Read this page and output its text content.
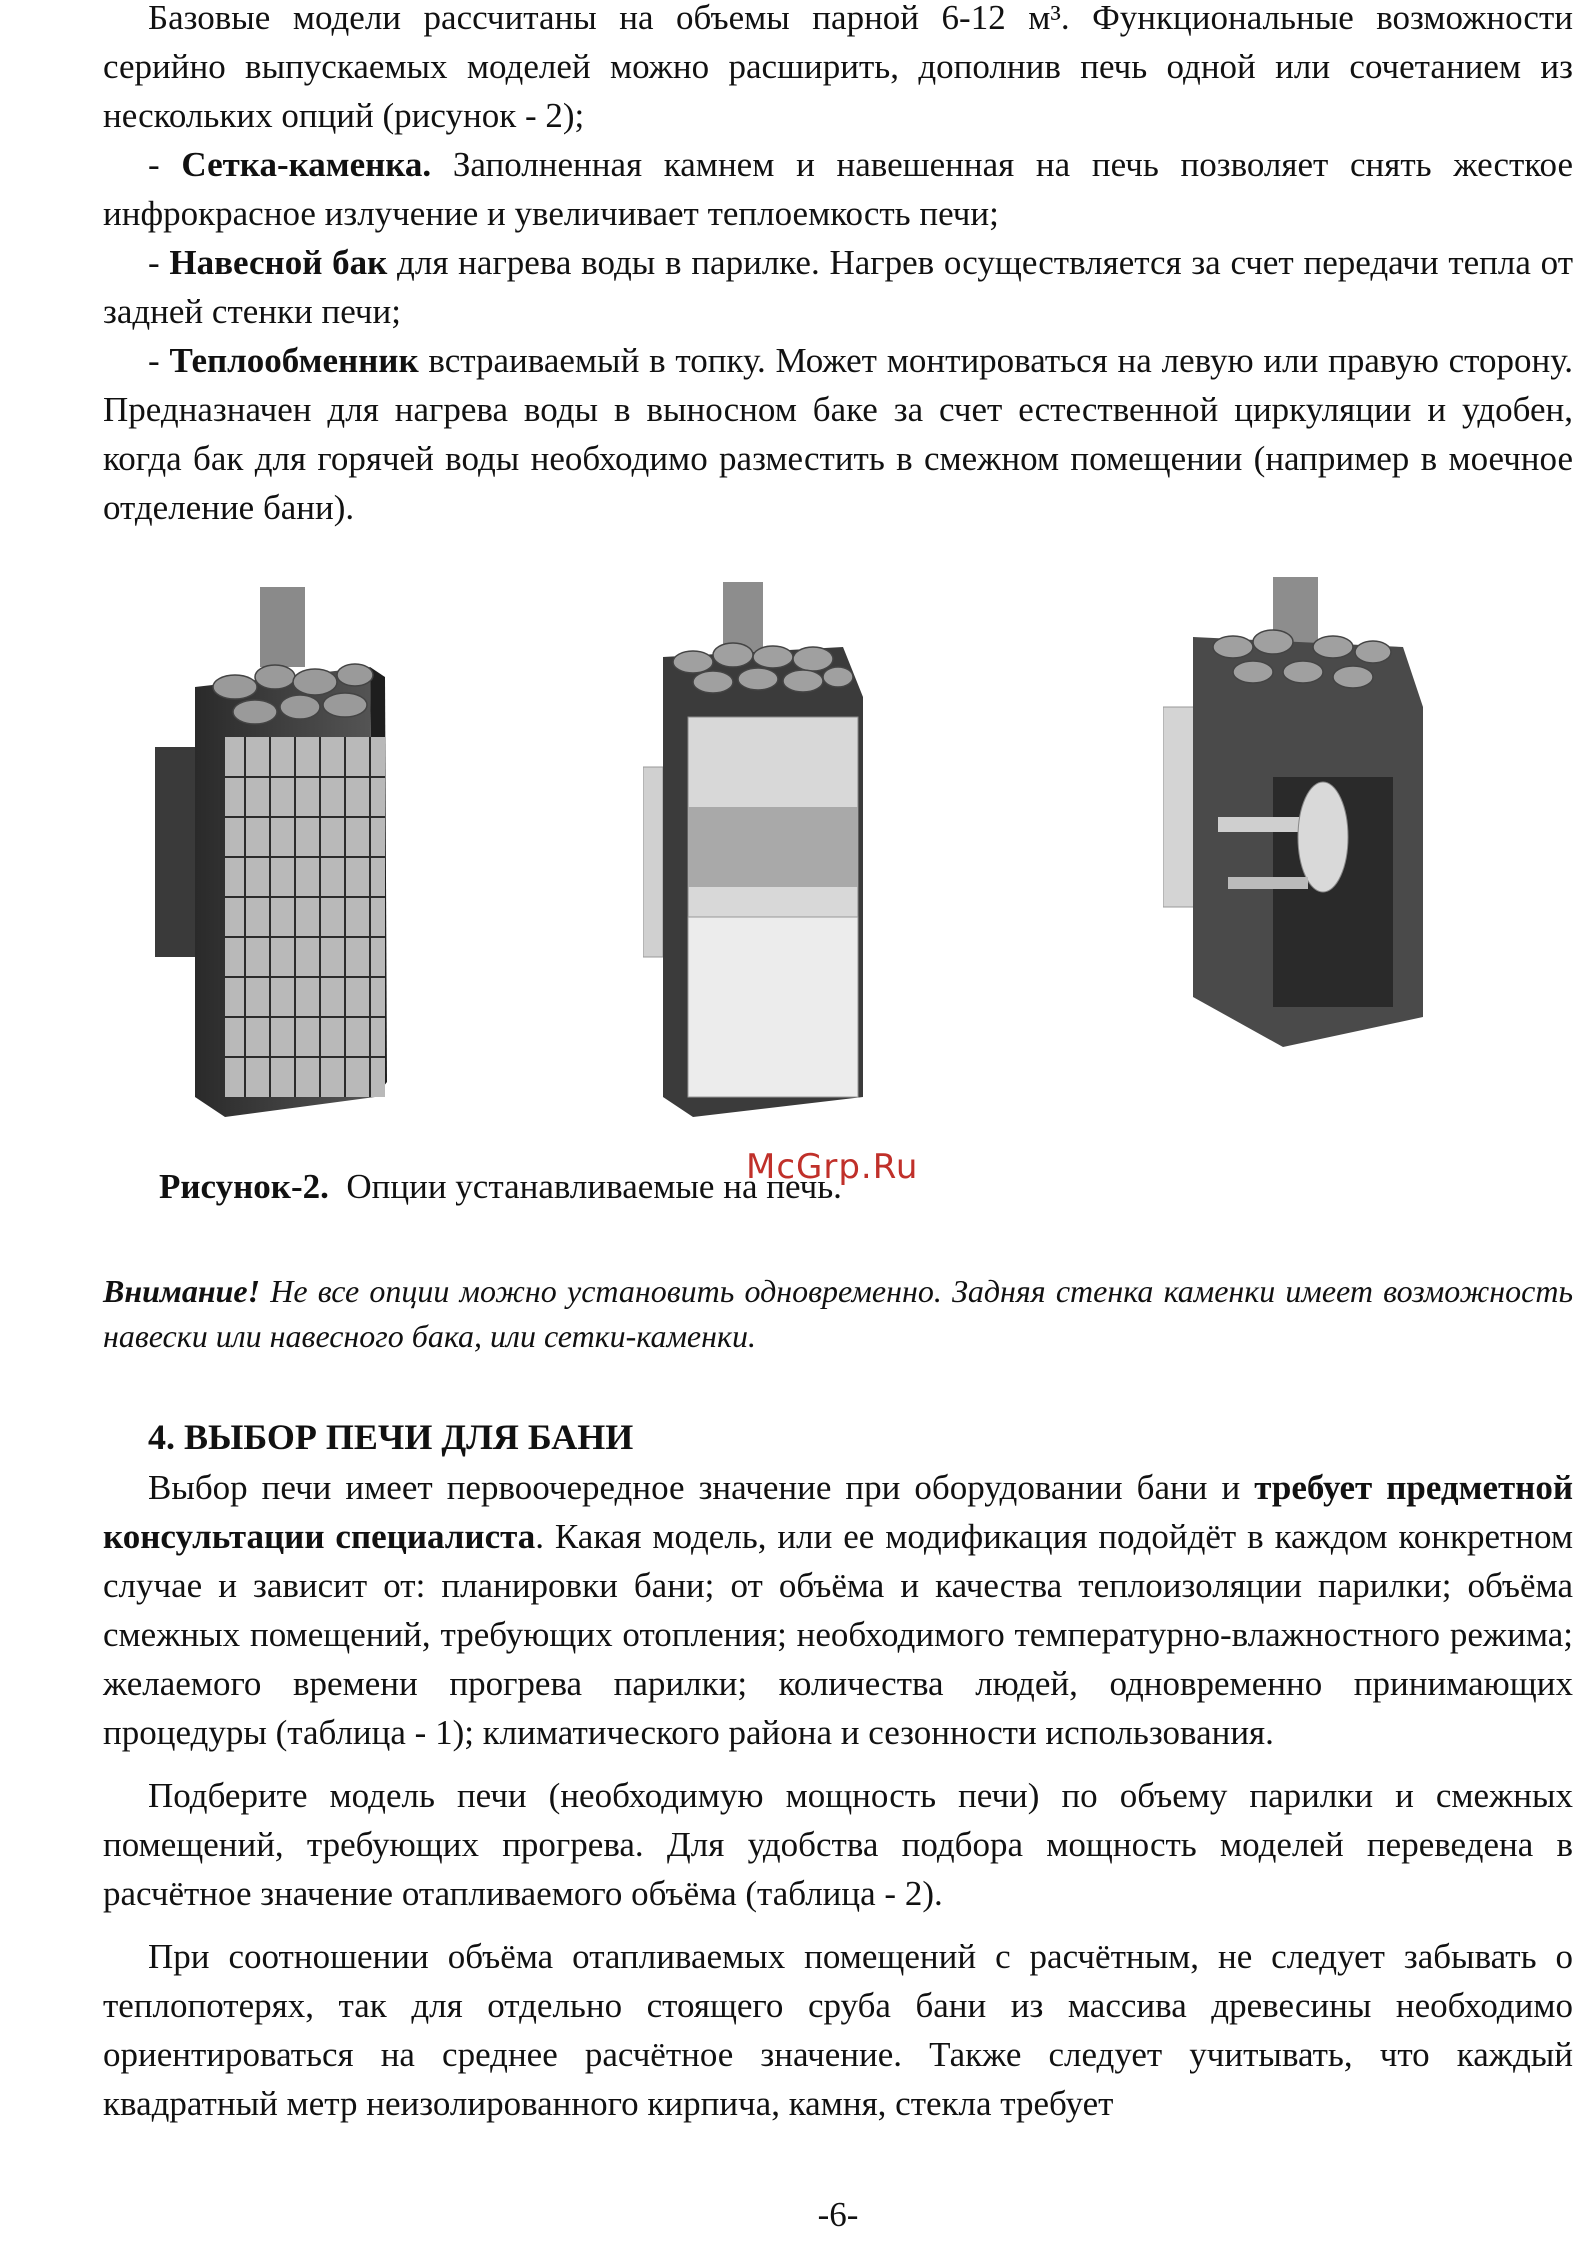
Базовые модели рассчитаны на объемы парной 6-12 м³. Функциональные возможности серийно выпускаемых моделей можно расширить, дополнив печь одной или сочетанием из нескольких опций (рисунок - 2);

- Сетка-каменка. Заполненная камнем и навешенная на печь позволяет снять жесткое инфрокрасное излучение и увеличивает теплоемкость печи;

- Навесной бак для нагрева воды в парилке. Нагрев осуществляется за счет передачи тепла от задней стенки печи;

- Теплообменник встраиваемый в топку. Может монтироваться на левую или правую сторону. Предназначен для нагрева воды в выносном баке за счет естественной циркуляции и удобен, когда бак для горячей воды необходимо разместить в смежном помещении (например в моечное отделение бани).

McGrp.Ru
Рисунок-2. Опции устанавливаемые на печь.

Внимание! Не все опции можно установить одновременно. Задняя стенка каменки имеет возможность навески или навесного бака, или сетки-каменки.

4. ВЫБОР ПЕЧИ ДЛЯ БАНИ

Выбор печи имеет первоочередное значение при оборудовании бани и требует предметной консультации специалиста. Какая модель, или ее модификация подойдёт в каждом конкретном случае и зависит от: планировки бани; от объёма и качества теплоизоляции парилки; объёма смежных помещений, требующих отопления; необходимого температурно-влажностного режима; желаемого времени прогрева парилки; количества людей, одновременно принимающих процедуры (таблица - 1); климатического района и сезонности использования.

Подберите модель печи (необходимую мощность печи) по объему парилки и смежных помещений, требующих прогрева. Для удобства подбора мощность моделей переведена в расчётное значение отапливаемого объёма (таблица - 2).

При соотношении объёма отапливаемых помещений с расчётным, не следует забывать о теплопотерях, так для отдельно стоящего сруба бани из массива древесины необходимо ориентироваться на среднее расчётное значение. Также следует учитывать, что каждый квадратный метр неизолированного кирпича, камня, стекла требует

-6-
